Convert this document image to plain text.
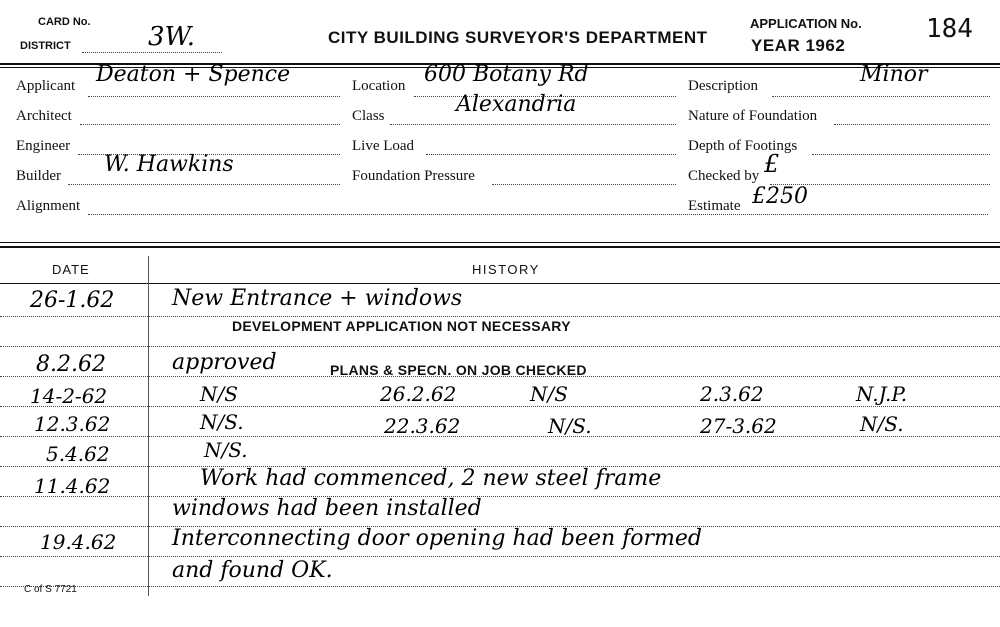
CARD No.
DISTRICT	3W.	CITY BUILDING SURVEYOR'S DEPARTMENT
APPLICATION No. 184
YEAR 1962
Applicant Deaton + Spence
Architect
Engineer
Builder W. Hawkins
Alignment
Location 600 Botany Rd
Class	Alexandria
Live Load
Foundation Pressure
Description	Minor
Nature of Foundation
Depth of Footings
Checked by £
Estimate £250
DATE	HISTORY
26-1.62	New Entrance + windows
DEVELOPMENT APPLICATION NOT NECESSARY
8.2.62	approved	PLANS & SPECN. ON JOB CHECKED
14-2-62	N/S	26.2.62	N/S	2.3.62	N.J.P.
12.3.62	N/S.	22.3.62	N/S.	27-3.62	N/S.
5.4.62	N/S.
11.4.62	Work had commenced, 2 new steel frame
windows had been installed
19.4.62	Interconnecting door opening had been formed
and found OK.
C of S 7721
